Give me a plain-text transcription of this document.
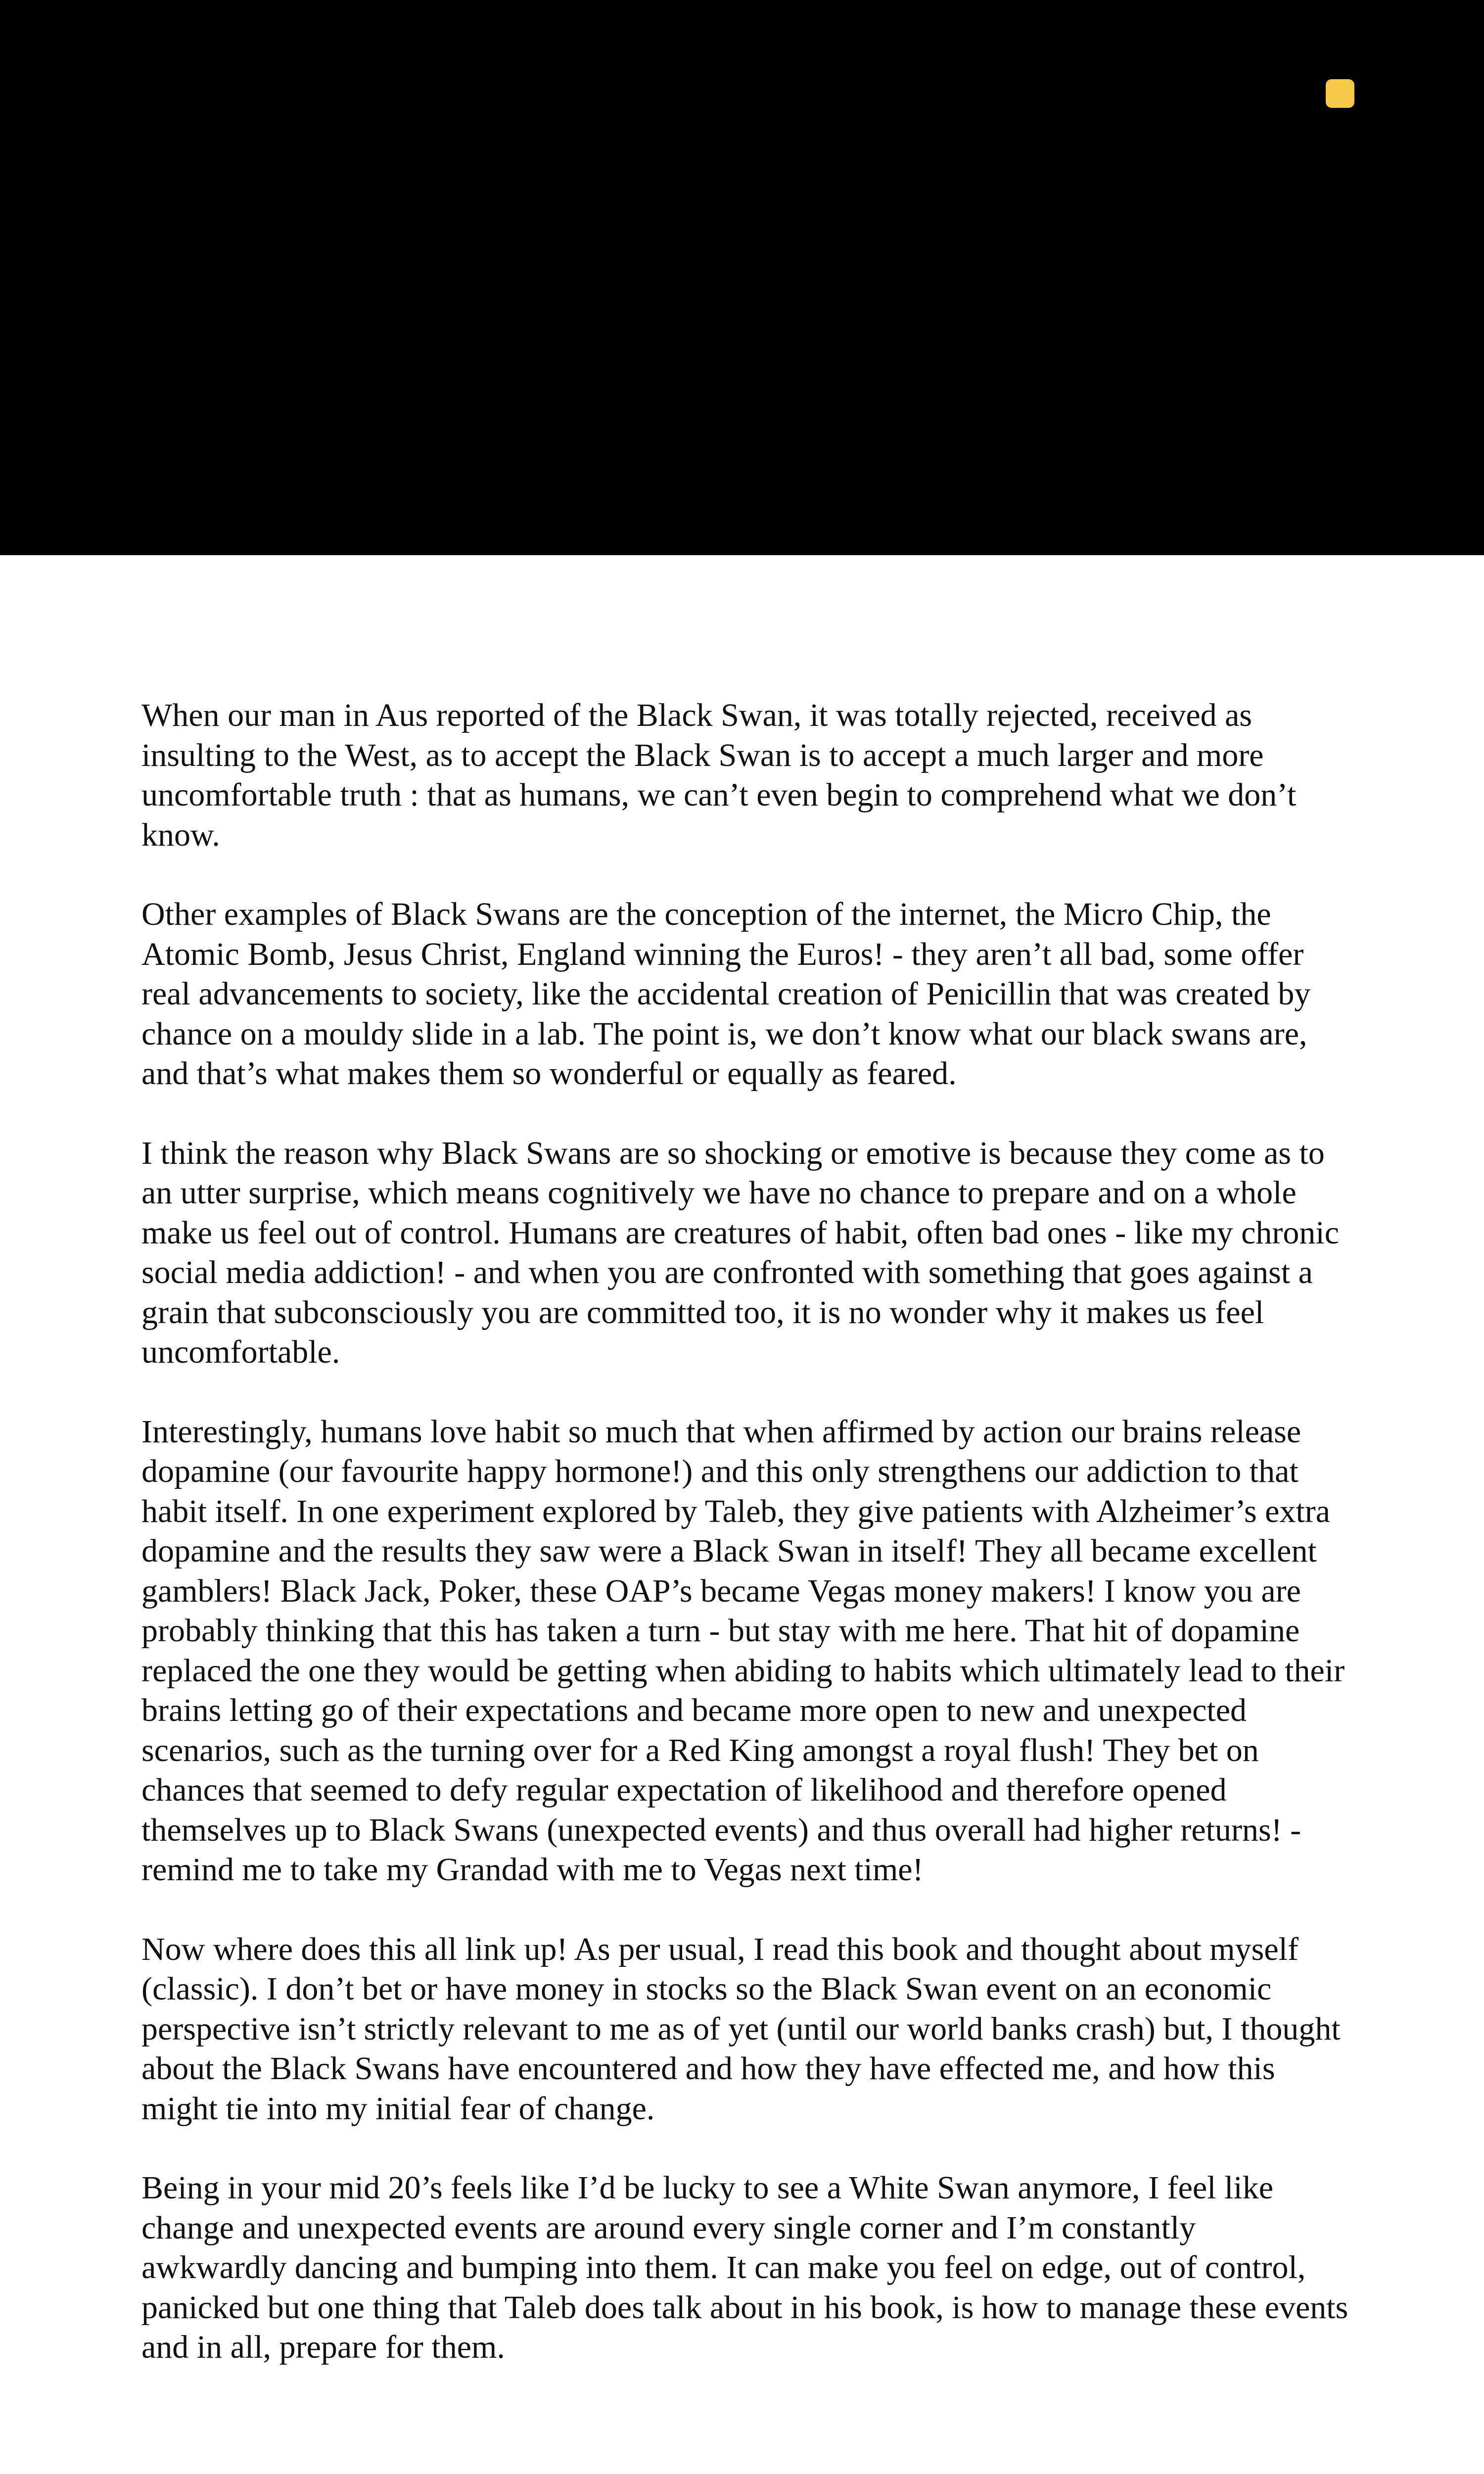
When our man in Aus reported of the Black Swan, it was totally rejected, received as insulting to the West, as to accept the Black Swan is to accept a much larger and more uncomfortable truth : that as humans, we can’t even begin to comprehend what we don’t know.

Other examples of Black Swans are the conception of the internet, the Micro Chip, the Atomic Bomb, Jesus Christ, England winning the Euros! - they aren’t all bad, some offer real advancements to society, like the accidental creation of Penicillin that was created by chance on a mouldy slide in a lab. The point is, we don’t know what our black swans are, and that’s what makes them so wonderful or equally as feared.

I think the reason why Black Swans are so shocking or emotive is because they come as to an utter surprise, which means cognitively we have no chance to prepare and on a whole make us feel out of control. Humans are creatures of habit, often bad ones - like my chronic social media addiction! - and when you are confronted with something that goes against a grain that subconsciously you are committed too, it is no wonder why it makes us feel uncomfortable.

Interestingly, humans love habit so much that when affirmed by action our brains release dopamine (our favourite happy hormone!) and this only strengthens our addiction to that habit itself. In one experiment explored by Taleb, they give patients with Alzheimer’s extra dopamine and the results they saw were a Black Swan in itself! They all became excellent gamblers! Black Jack, Poker, these OAP’s became Vegas money makers! I know you are probably thinking that this has taken a turn - but stay with me here. That hit of dopamine replaced the one they would be getting when abiding to habits which ultimately lead to their brains letting go of their expectations and became more open to new and unexpected scenarios, such as the turning over for a Red King amongst a royal flush! They bet on chances that seemed to defy regular expectation of likelihood and therefore opened themselves up to Black Swans (unexpected events) and thus overall had higher returns! - remind me to take my Grandad with me to Vegas next time!

Now where does this all link up! As per usual, I read this book and thought about myself (classic). I don’t bet or have money in stocks so the Black Swan event on an economic perspective isn’t strictly relevant to me as of yet (until our world banks crash) but, I thought about the Black Swans have encountered and how they have effected me, and how this might tie into my initial fear of change.

Being in your mid 20’s feels like I’d be lucky to see a White Swan anymore, I feel like change and unexpected events are around every single corner and I’m constantly awkwardly dancing and bumping into them. It can make you feel on edge, out of control, panicked but one thing that Taleb does talk about in his book, is how to manage these events and in all, prepare for them.
